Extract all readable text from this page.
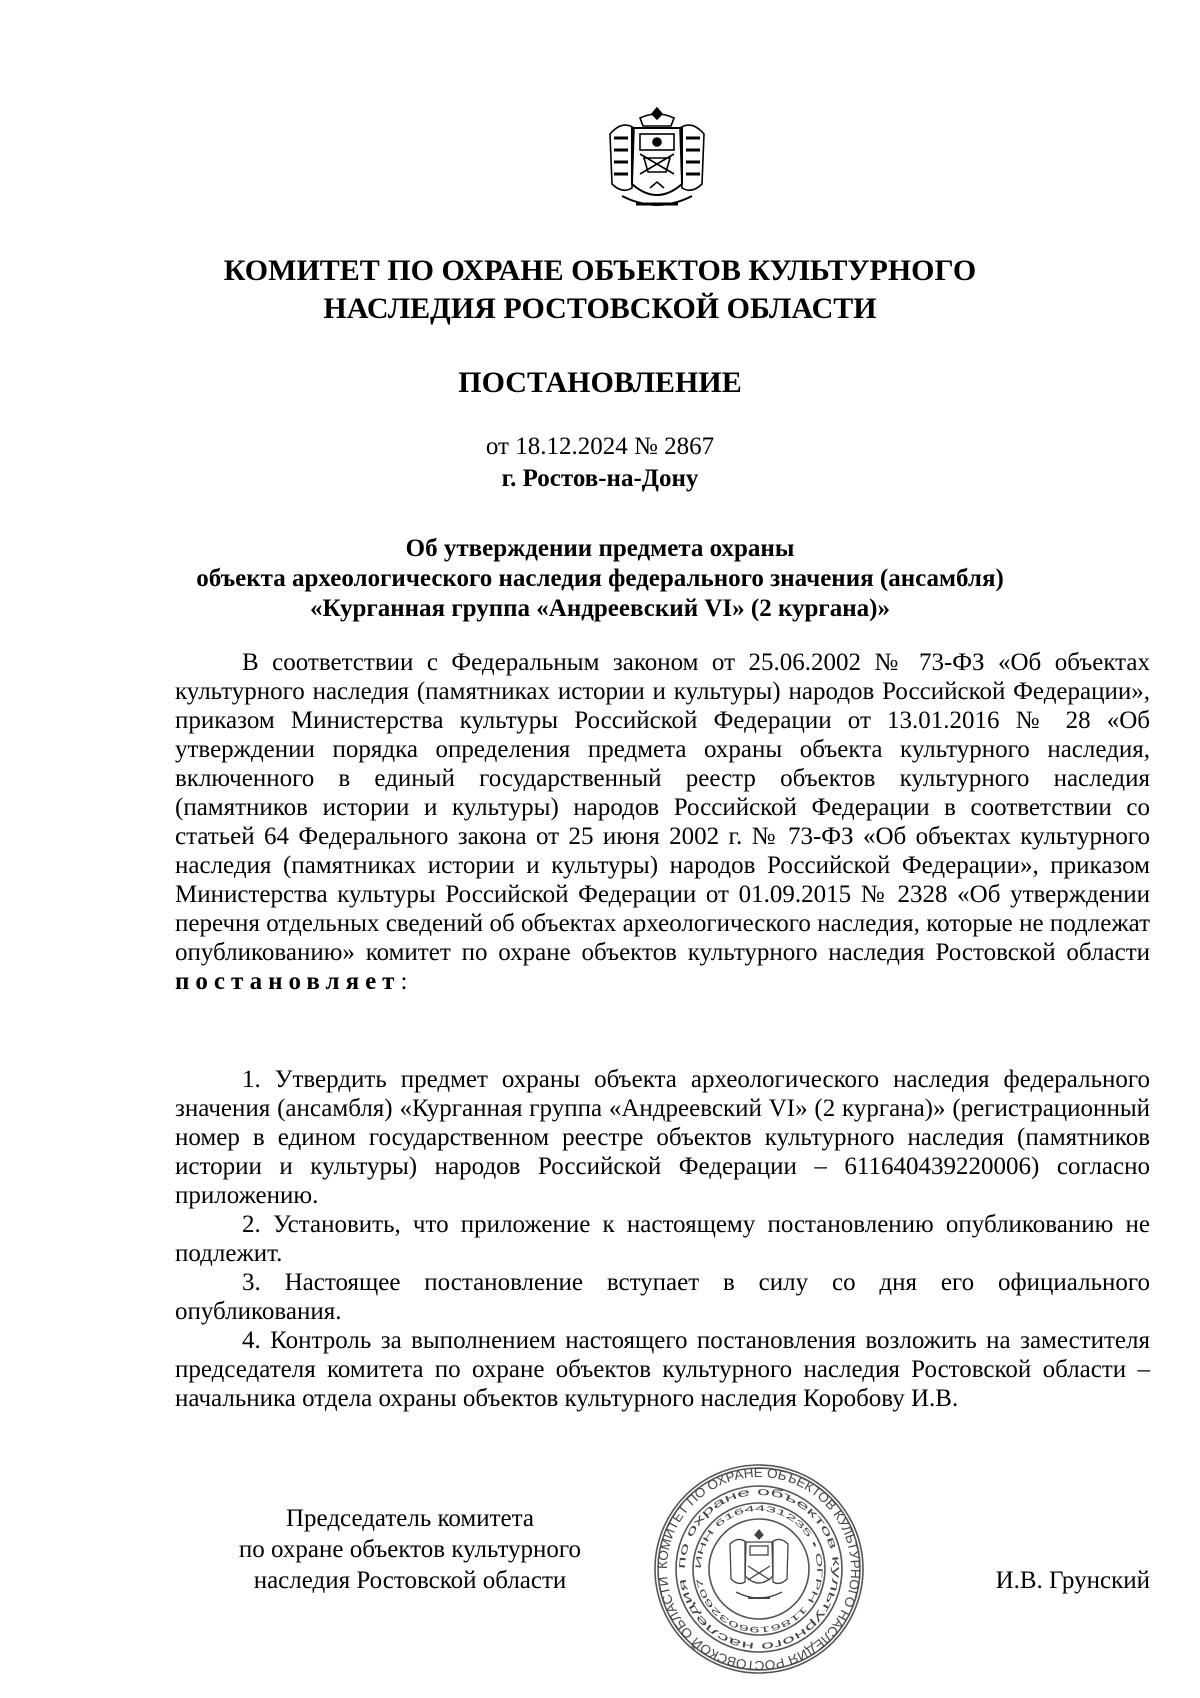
КОМИТЕТ ПО ОХРАНЕ ОБЪЕКТОВ КУЛЬТУРНОГО
НАСЛЕДИЯ РОСТОВСКОЙ ОБЛАСТИ
ПОСТАНОВЛЕНИЕ
от 18.12.2024 № 2867
г. Ростов-на-Дону
Об утверждении предмета охраны
объекта археологического наследия федерального значения (ансамбля)
«Курганная группа «Андреевский VI» (2 кургана)»

В соответствии с Федеральным законом от 25.06.2002 № 73-ФЗ «Об объектах культурного наследия (памятниках истории и культуры) народов Российской Федерации», приказом Министерства культуры Российской Федерации от 13.01.2016 № 28 «Об утверждении порядка определения предмета охраны объекта культурного наследия, включенного в единый государственный реестр объектов культурного наследия (памятников истории и культуры) народов Российской Федерации в соответствии со статьей 64 Федерального закона от 25 июня 2002 г. № 73-ФЗ «Об объектах культурного наследия (памятниках истории и культуры) народов Российской Федерации», приказом Министерства культуры Российской Федерации от 01.09.2015 № 2328 «Об утверждении перечня отдельных сведений об объектах археологического наследия, которые не подлежат опубликованию» комитет по охране объектов культурного наследия Ростовской области постановляет:

1. Утвердить предмет охраны объекта археологического наследия федерального значения (ансамбля) «Курганная группа «Андреевский VI» (2 кургана)» (регистрационный номер в едином государственном реестре объектов культурного наследия (памятников истории и культуры) народов Российской Федерации – 611640439220006) согласно приложению.

2. Установить, что приложение к настоящему постановлению опубликованию не подлежит.

3. Настоящее постановление вступает в силу со дня его официального опубликования.

4. Контроль за выполнением настоящего постановления возложить на заместителя председателя комитета по охране объектов культурного наследия Ростовской области – начальника отдела охраны объектов культурного наследия Коробову И.В.

Председатель комитета
по охране объектов культурного
наследия Ростовской области
КОМИТЕТ ПО ОХРАНЕ ОБЪЕКТОВ КУЛЬТУРНОГО НАСЛЕДИЯ РОСТОВСКОЙ ОБЛАСТИ
по охране объектов культурного наследия
ИНН 6164431235 • ОГРН 1186196032607	И.В. Грунский
